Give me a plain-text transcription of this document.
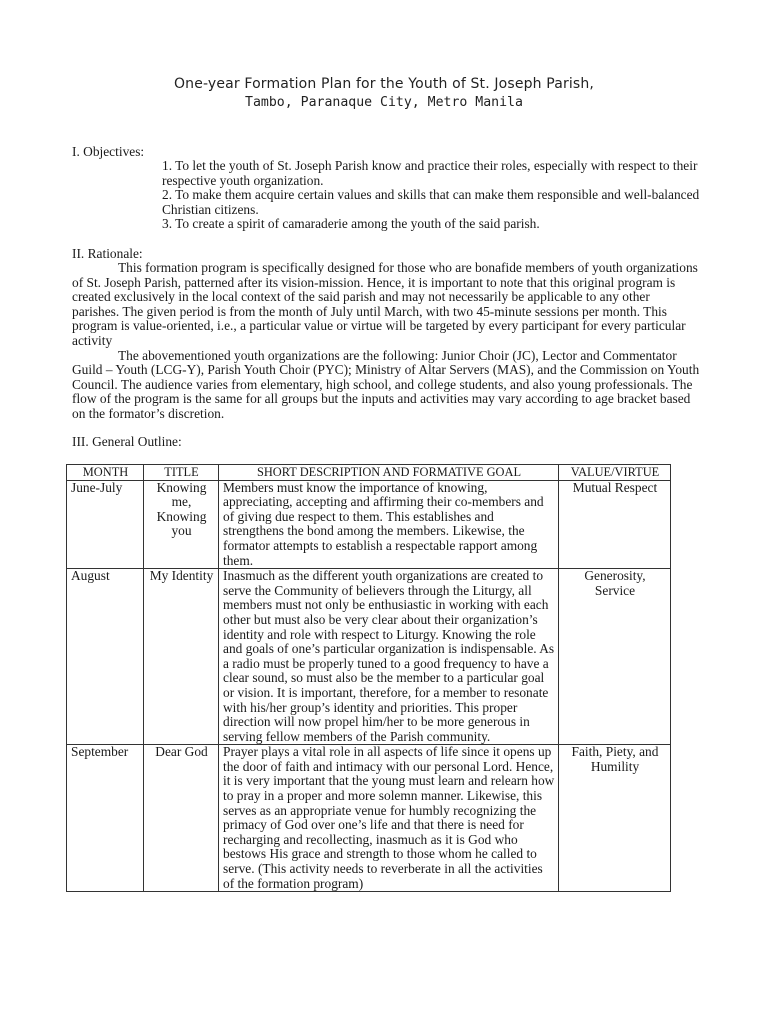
One-year Formation Plan for the Youth of St. Joseph Parish,
Tambo, Paranaque City, Metro Manila
I. Objectives:

1. To let the youth of St. Joseph Parish know and practice their roles, especially with respect to their respective youth organization.

2. To make them acquire certain values and skills that can make them responsible and well-balanced Christian citizens.

3. To create a spirit of camaraderie among the youth of the said parish.

II. Rationale:

This formation program is specifically designed for those who are bonafide members of youth organizations of St. Joseph Parish, patterned after its vision-mission. Hence, it is important to note that this original program is created exclusively in the local context of the said parish and may not necessarily be applicable to any other parishes. The given period is from the month of July until March, with two 45-minute sessions per month. This program is value-oriented, i.e., a particular value or virtue will be targeted by every participant for every particular activity

The abovementioned youth organizations are the following: Junior Choir (JC), Lector and Commentator Guild – Youth (LCG-Y), Parish Youth Choir (PYC); Ministry of Altar Servers (MAS), and the Commission on Youth Council. The audience varies from elementary, high school, and college students, and also young professionals. The flow of the program is the same for all groups but the inputs and activities may vary according to age bracket based on the formator’s discretion.

III. General Outline:
MONTH	TITLE	SHORT DESCRIPTION AND FORMATIVE GOAL	VALUE/VIRTUE
June-July	Knowing me, Knowing you	Members must know the importance of knowing, appreciating, accepting and affirming their co-members and of giving due respect to them. This establishes and strengthens the bond among the members. Likewise, the formator attempts to establish a respectable rapport among them.	Mutual Respect
August	My Identity	Inasmuch as the different youth organizations are created to serve the Community of believers through the Liturgy, all members must not only be enthusiastic in working with each other but must also be very clear about their organization’s identity and role with respect to Liturgy. Knowing the role and goals of one’s particular organization is indispensable. As a radio must be properly tuned to a good frequency to have a clear sound, so must also be the member to a particular goal or vision. It is important, therefore, for a member to resonate with his/her group’s identity and priorities. This proper direction will now propel him/her to be more generous in serving fellow members of the Parish community.	Generosity, Service
September	Dear God	Prayer plays a vital role in all aspects of life since it opens up the door of faith and intimacy with our personal Lord. Hence, it is very important that the young must learn and relearn how to pray in a proper and more solemn manner. Likewise, this serves as an appropriate venue for humbly recognizing the primacy of God over one’s life and that there is need for recharging and recollecting, inasmuch as it is God who bestows His grace and strength to those whom he called to serve. (This activity needs to reverberate in all the activities of the formation program)	Faith, Piety, and Humility
